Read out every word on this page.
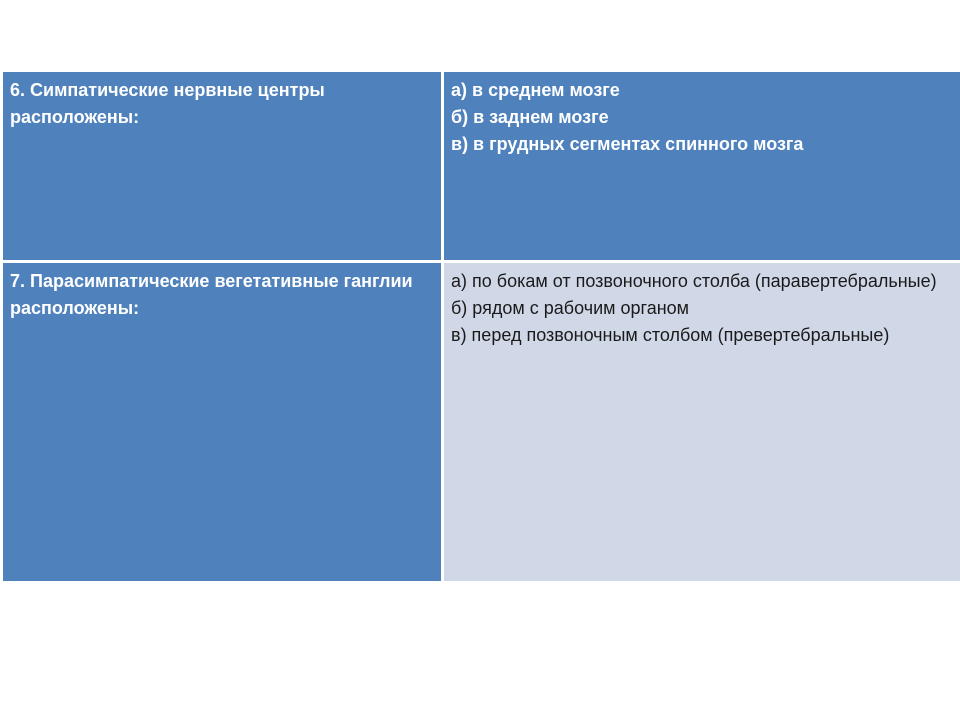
6. Симпатические нервные центры расположены:
а) в среднем мозге
б) в заднем мозге
в) в грудных сегментах спинного мозга
7. Парасимпатические вегетативные ганглии расположены:
а) по бокам от позвоночного столба (паравертебральные)
б) рядом с рабочим органом
в) перед позвоночным столбом (превертебральные)
